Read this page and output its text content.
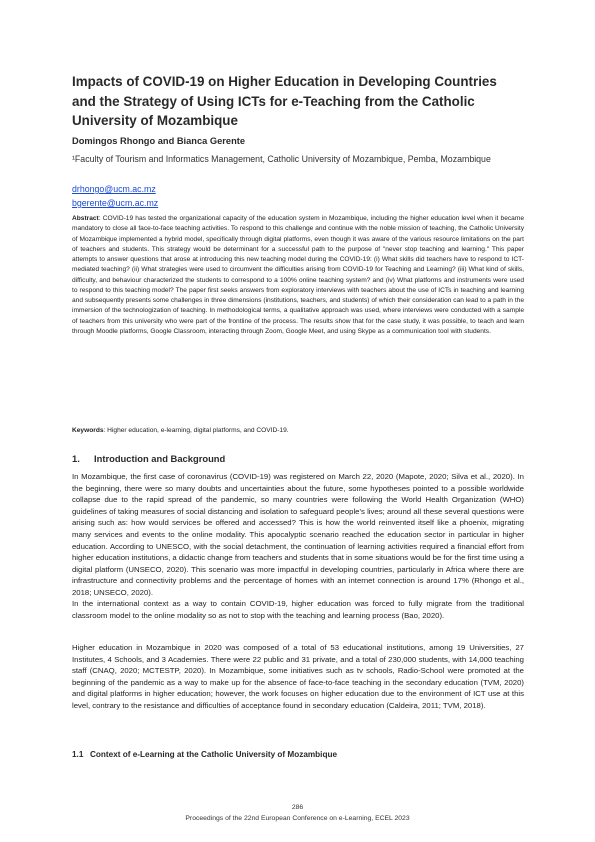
Impacts of COVID-19 on Higher Education in Developing Countries and the Strategy of Using ICTs for e-Teaching from the Catholic University of Mozambique
Domingos Rhongo and Bianca Gerente
¹Faculty of Tourism and Informatics Management, Catholic University of Mozambique, Pemba, Mozambique
drhongo@ucm.ac.mz
bgerente@ucm.ac.mz
Abstract: COVID-19 has tested the organizational capacity of the education system in Mozambique, including the higher education level when it became mandatory to close all face-to-face teaching activities. To respond to this challenge and continue with the noble mission of teaching, the Catholic University of Mozambique implemented a hybrid model, specifically through digital platforms, even though it was aware of the various resource limitations on the part of teachers and students. This strategy would be determinant for a successful path to the purpose of "never stop teaching and learning." This paper attempts to answer questions that arose at introducing this new teaching model during the COVID-19: (i) What skills did teachers have to respond to ICT-mediated teaching? (ii) What strategies were used to circumvent the difficulties arising from COVID-19 for Teaching and Learning? (iii) What kind of skills, difficulty, and behaviour characterized the students to correspond to a 100% online teaching system? and (iv) What platforms and instruments were used to respond to this teaching model? The paper first seeks answers from exploratory interviews with teachers about the use of ICTs in teaching and learning and subsequently presents some challenges in three dimensions (institutions, teachers, and students) of which their consideration can lead to a path in the immersion of the technologization of teaching. In methodological terms, a qualitative approach was used, where interviews were conducted with a sample of teachers from this university who were part of the frontline of the process. The results show that for the case study, it was possible, to teach and learn through Moodle platforms, Google Classroom, interacting through Zoom, Google Meet, and using Skype as a communication tool with students.
Keywords: Higher education, e-learning, digital platforms, and COVID-19.
1. Introduction and Background
In Mozambique, the first case of coronavirus (COVID-19) was registered on March 22, 2020 (Mapote, 2020; Silva et al., 2020). In the beginning, there were so many doubts and uncertainties about the future, some hypotheses pointed to a possible worldwide collapse due to the rapid spread of the pandemic, so many countries were following the World Health Organization (WHO) guidelines of taking measures of social distancing and isolation to safeguard people's lives; around all these several questions were arising such as: how would services be offered and accessed? This is how the world reinvented itself like a phoenix, migrating many services and events to the online modality. This apocalyptic scenario reached the education sector in particular in higher education. According to UNESCO, with the social detachment, the continuation of learning activities required a financial effort from higher education institutions, a didactic change from teachers and students that in some situations would be for the first time using a digital platform (UNSECO, 2020). This scenario was more impactful in developing countries, particularly in Africa where there are infrastructure and connectivity problems and the percentage of homes with an internet connection is around 17% (Rhongo et al., 2018; UNSECO, 2020).
In the international context as a way to contain COVID-19, higher education was forced to fully migrate from the traditional classroom model to the online modality so as not to stop with the teaching and learning process (Bao, 2020).
Higher education in Mozambique in 2020 was composed of a total of 53 educational institutions, among 19 Universities, 27 Institutes, 4 Schools, and 3 Academies. There were 22 public and 31 private, and a total of 230,000 students, with 14,000 teaching staff (CNAQ, 2020; MCTESTP, 2020). In Mozambique, some initiatives such as tv schools, Radio-School were promoted at the beginning of the pandemic as a way to make up for the absence of face-to-face teaching in the secondary education (TVM, 2020) and digital platforms in higher education; however, the work focuses on higher education due to the environment of ICT use at this level, contrary to the resistance and difficulties of acceptance found in secondary education (Caldeira, 2011; TVM, 2018).
1.1 Context of e-Learning at the Catholic University of Mozambique
286
Proceedings of the 22nd European Conference on e-Learning, ECEL 2023
